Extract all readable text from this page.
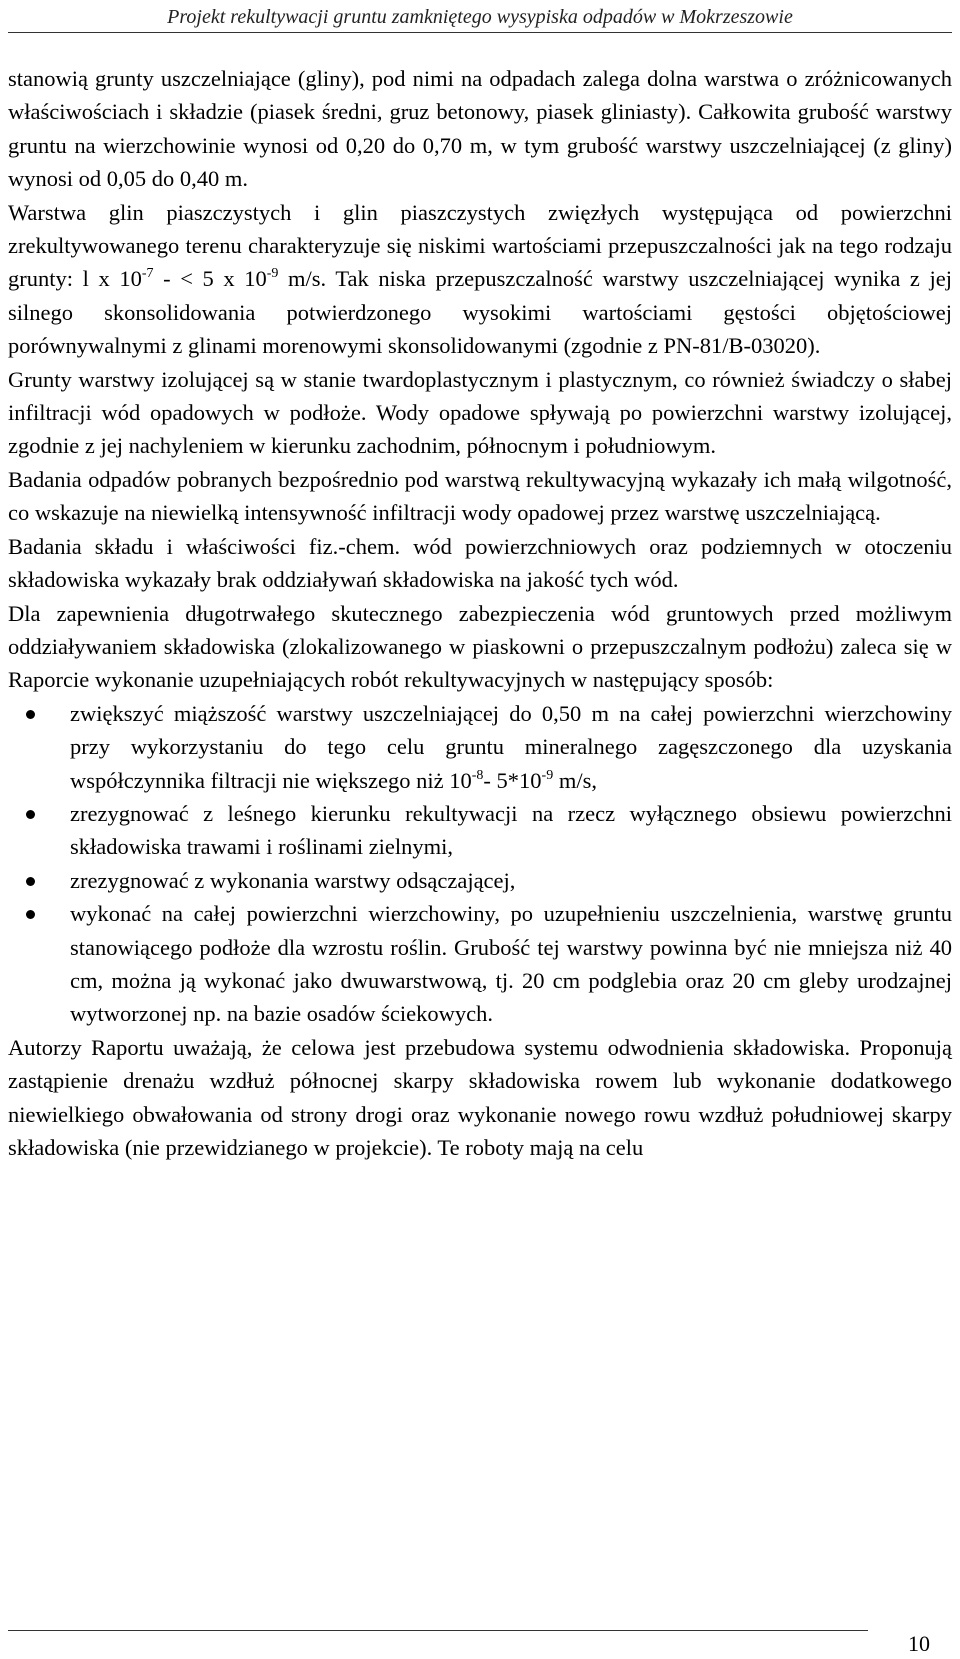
Projekt rekultywacji gruntu zamkniętego wysypiska odpadów w Mokrzeszowie

stanowią grunty uszczelniające (gliny), pod nimi na odpadach zalega dolna warstwa o zróżnicowanych właściwościach i składzie (piasek średni, gruz betonowy, piasek gliniasty). Całkowita grubość warstwy gruntu na wierzchowinie wynosi od 0,20 do 0,70 m, w tym grubość warstwy uszczelniającej (z gliny) wynosi od 0,05 do 0,40 m.

Warstwa glin piaszczystych i glin piaszczystych zwięzłych występująca od powierzchni zrekultywowanego terenu charakteryzuje się niskimi wartościami przepuszczalności jak na tego rodzaju grunty: l x $10^{-7}$ - < 5 x $10^{-9}$ m/s. Tak niska przepuszczalność warstwy uszczelniającej wynika z jej silnego skonsolidowania potwierdzonego wysokimi wartościami gęstości objętościowej porównywalnymi z glinami morenowymi skonsolidowanymi (zgodnie z PN-81/B-03020).

Grunty warstwy izolującej są w stanie twardoplastycznym i plastycznym, co również świadczy o słabej infiltracji wód opadowych w podłoże. Wody opadowe spływają po powierzchni warstwy izolującej, zgodnie z jej nachyleniem w kierunku zachodnim, północnym i południowym.

Badania odpadów pobranych bezpośrednio pod warstwą rekultywacyjną wykazały ich małą wilgotność, co wskazuje na niewielką intensywność infiltracji wody opadowej przez warstwę uszczelniającą.

Badania składu i właściwości fiz.-chem. wód powierzchniowych oraz podziemnych w otoczeniu składowiska wykazały brak oddziaływań składowiska na jakość tych wód.

Dla zapewnienia długotrwałego skutecznego zabezpieczenia wód gruntowych przed możliwym oddziaływaniem składowiska (zlokalizowanego w piaskowni o przepuszczalnym podłożu) zaleca się w Raporcie wykonanie uzupełniających robót rekultywacyjnych w następujący sposób:

zwiększyć miąższość warstwy uszczelniającej do 0,50 m na całej powierzchni wierzchowiny przy wykorzystaniu do tego celu gruntu mineralnego zagęszczonego dla uzyskania współczynnika filtracji nie większego niż $10^{-8}-$ $5*10^{-9}$ m/s,
zrezygnować z leśnego kierunku rekultywacji na rzecz wyłącznego obsiewu powierzchni składowiska trawami i roślinami zielnymi,
zrezygnować z wykonania warstwy odsączającej,
wykonać na całej powierzchni wierzchowiny, po uzupełnieniu uszczelnienia, warstwę gruntu stanowiącego podłoże dla wzrostu roślin. Grubość tej warstwy powinna być nie mniejsza niż 40 cm, można ją wykonać jako dwuwarstwową, tj. 20 cm podglebia oraz 20 cm gleby urodzajnej wytworzonej np. na bazie osadów ściekowych.

Autorzy Raportu uważają, że celowa jest przebudowa systemu odwodnienia składowiska. Proponują zastąpienie drenażu wzdłuż północnej skarpy składowiska rowem lub wykonanie dodatkowego niewielkiego obwałowania od strony drogi oraz wykonanie nowego rowu wzdłuż południowej skarpy składowiska (nie przewidzianego w projekcie). Te roboty mają na celu

10
